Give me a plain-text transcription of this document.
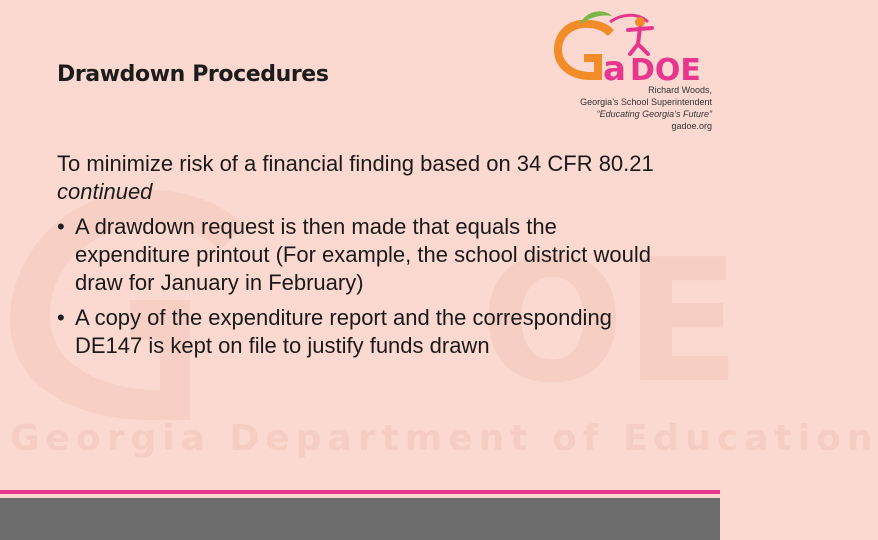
OE
Georgia Department of Education
Drawdown Procedures	a DOE
Richard Woods,
Georgia’s School Superintendent
“Educating Georgia’s Future”
gadoe.org

To minimize risk of a financial finding based on 34 CFR 80.21 continued

• A drawdown request is then made that equals the expenditure printout (For example, the school district would draw for January in February)
• A copy of the expenditure report and the corresponding DE147 is kept on file to justify funds drawn
